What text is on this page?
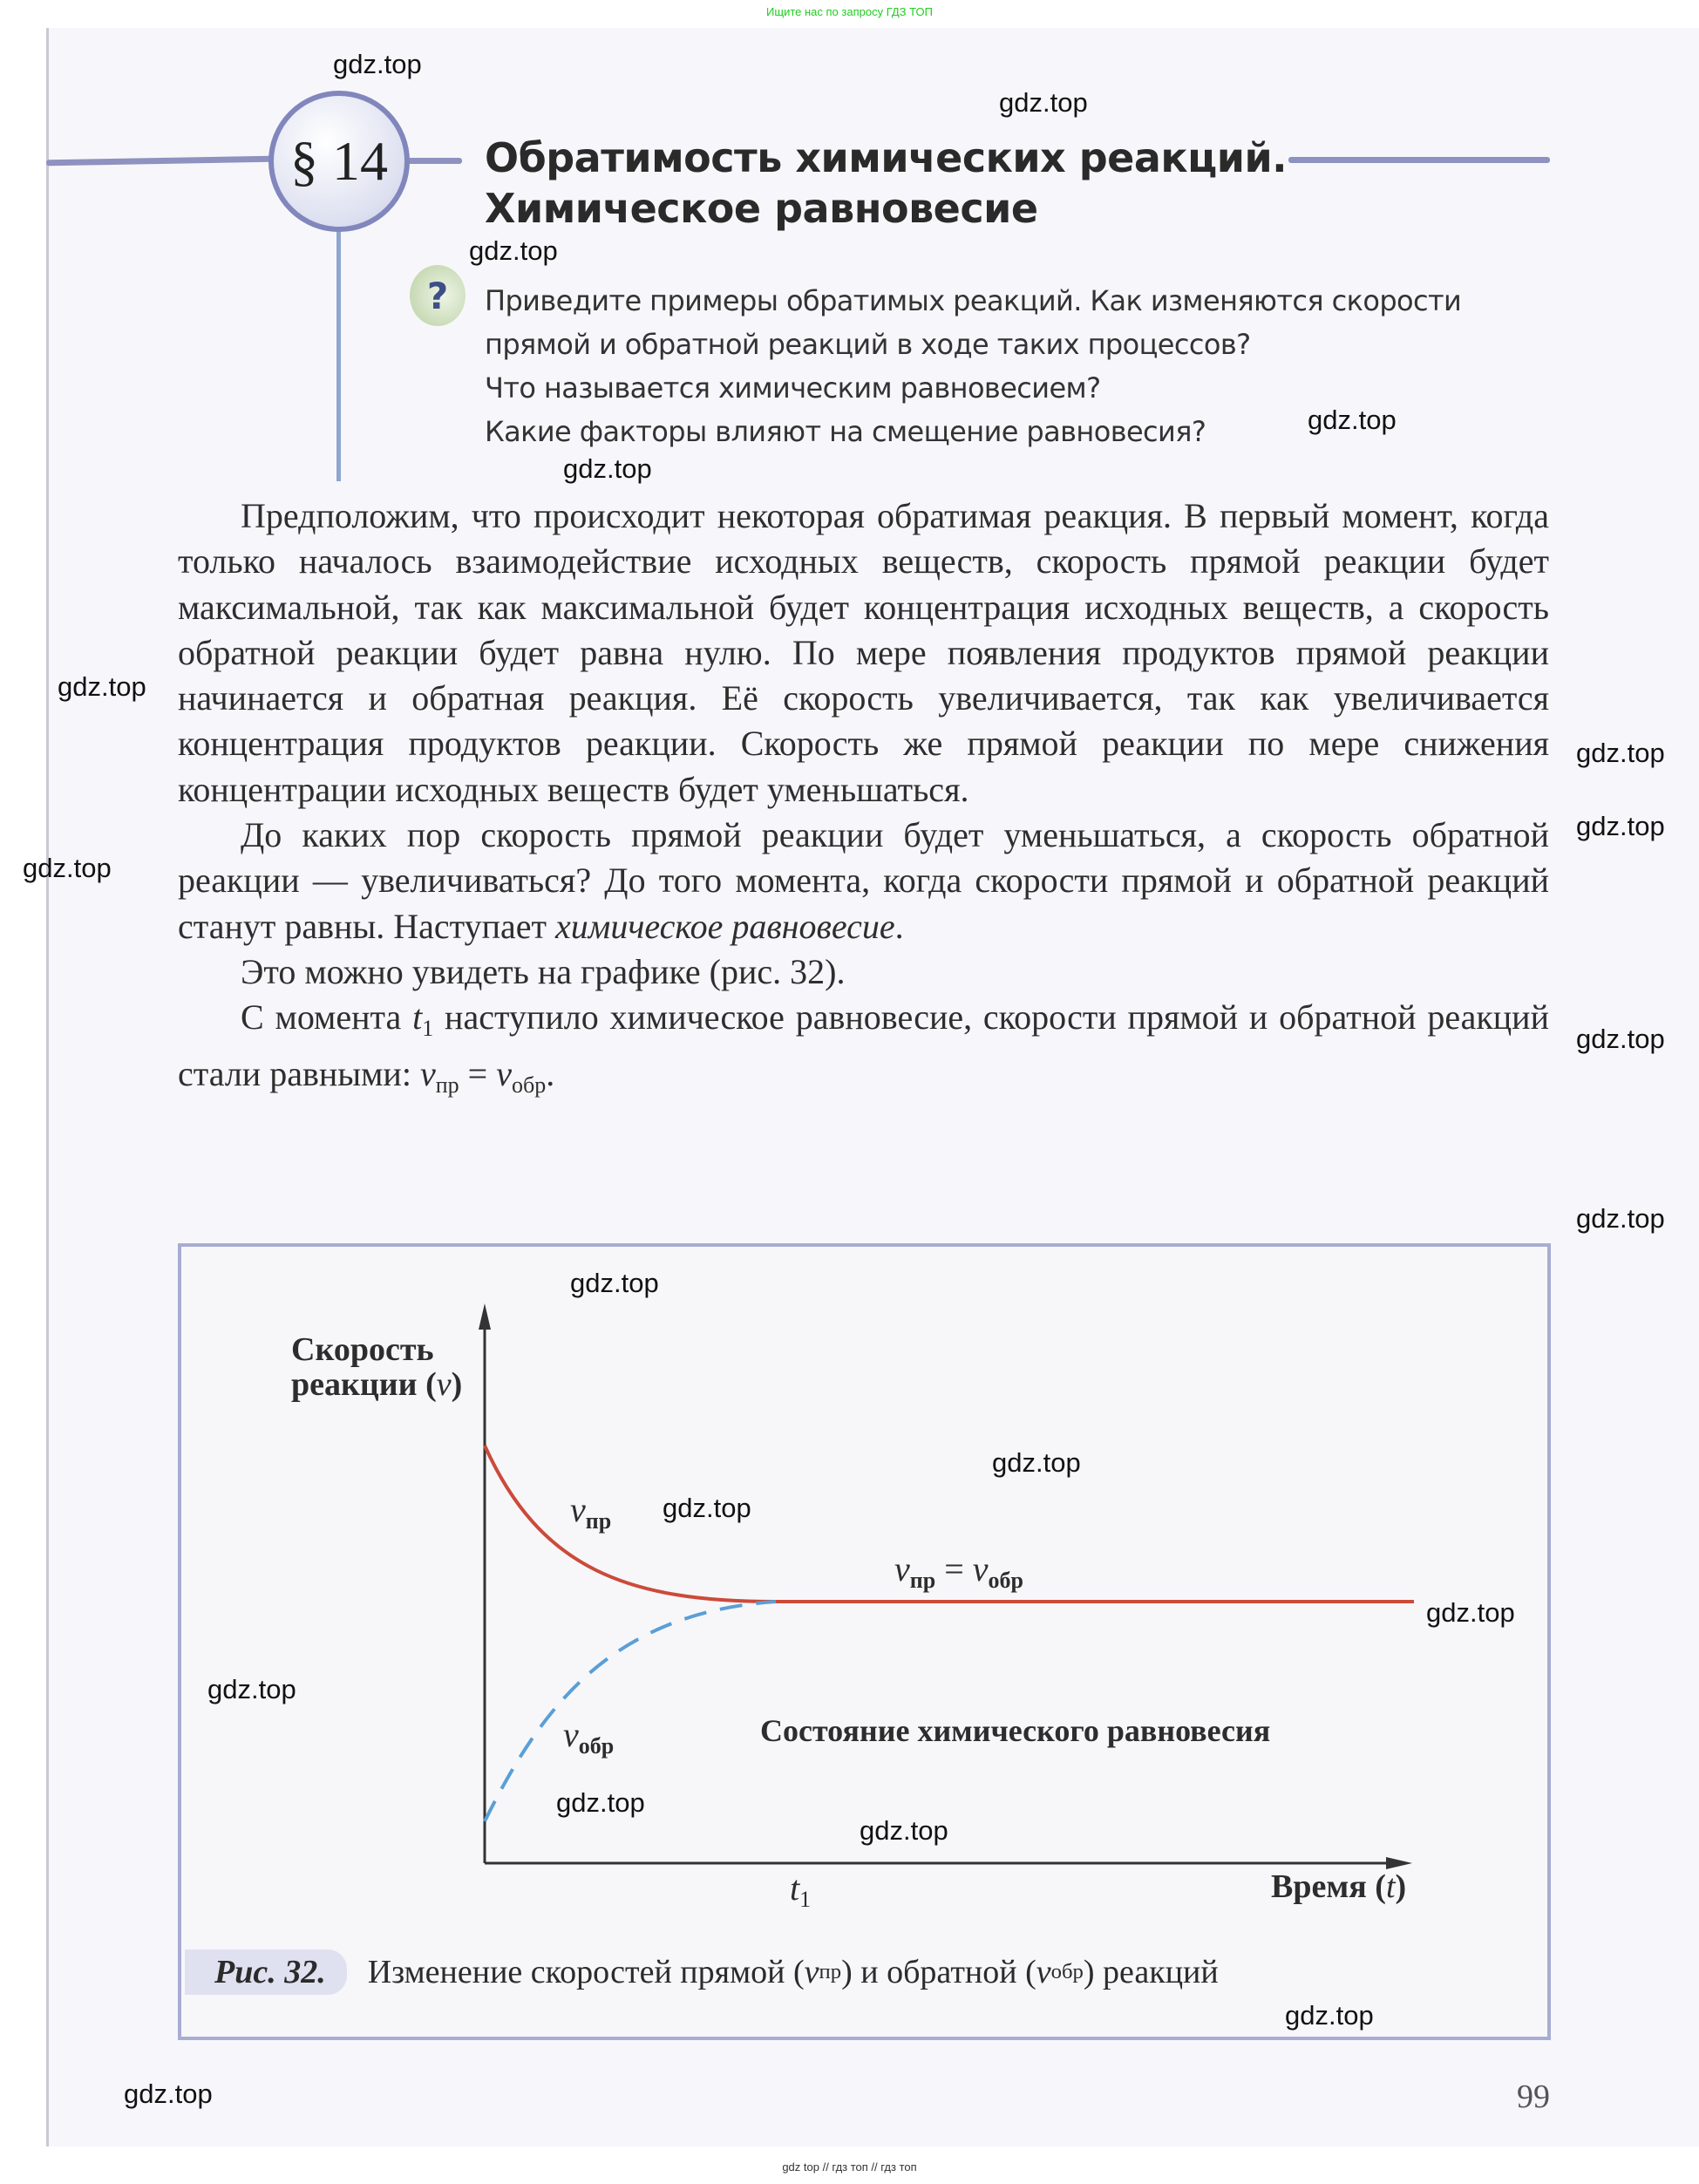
Ищите нас по запросу ГДЗ ТОП
§ 14	Обратимость химических реакций.
Химическое равновесие
?	Приведите примеры обратимых реакций. Как изменяются скорости
прямой и обратной реакций в ходе таких процессов?
Что называется химическим равновесием?
Какие факторы влияют на смещение равновесия?

Предположим, что происходит некоторая обратимая реакция. В первый момент, когда только началось взаимодействие исходных веществ, скорость прямой реакции будет максимальной, так как максимальной будет концентрация исходных веществ, а скорость обратной реакции будет равна нулю. По мере появления продуктов прямой реакции начинается и обратная реакция. Её скорость увеличивается, так как увеличивается концентрация продуктов реакции. Скорость же прямой реакции по мере снижения концентрации исходных веществ будет уменьшаться.

До каких пор скорость прямой реакции будет уменьшаться, а скорость обратной реакции — увеличиваться? До того момента, когда скорости прямой и обратной реакций станут равны. Наступает химическое равновесие.

Это можно увидеть на графике (рис. 32).

С момента $t_1$ наступило химическое равновесие, скорости прямой и обратной реакций стали равными: $v_{пр} = v_{обр}$.

Скорость
реакции (v)
$v_{пр}$
$v_{пр} = v_{обр}$
$v_{обр}$	Состояние химического равновесия
$t_1$	Время (t)
Рис. 32.	Изменение скоростей прямой ( v пр ) и обратной ( v обр ) реакций
99
gdz.top
gdz.top
gdz.top
gdz.top
gdz.top
gdz.top
gdz.top
gdz.top
gdz.top
gdz.top
gdz.top
gdz.top
gdz.top
gdz.top
gdz.top
gdz.top
gdz.top
gdz.top
gdz.top
gdz.top
gdz top // гдз топ // гдз топ
